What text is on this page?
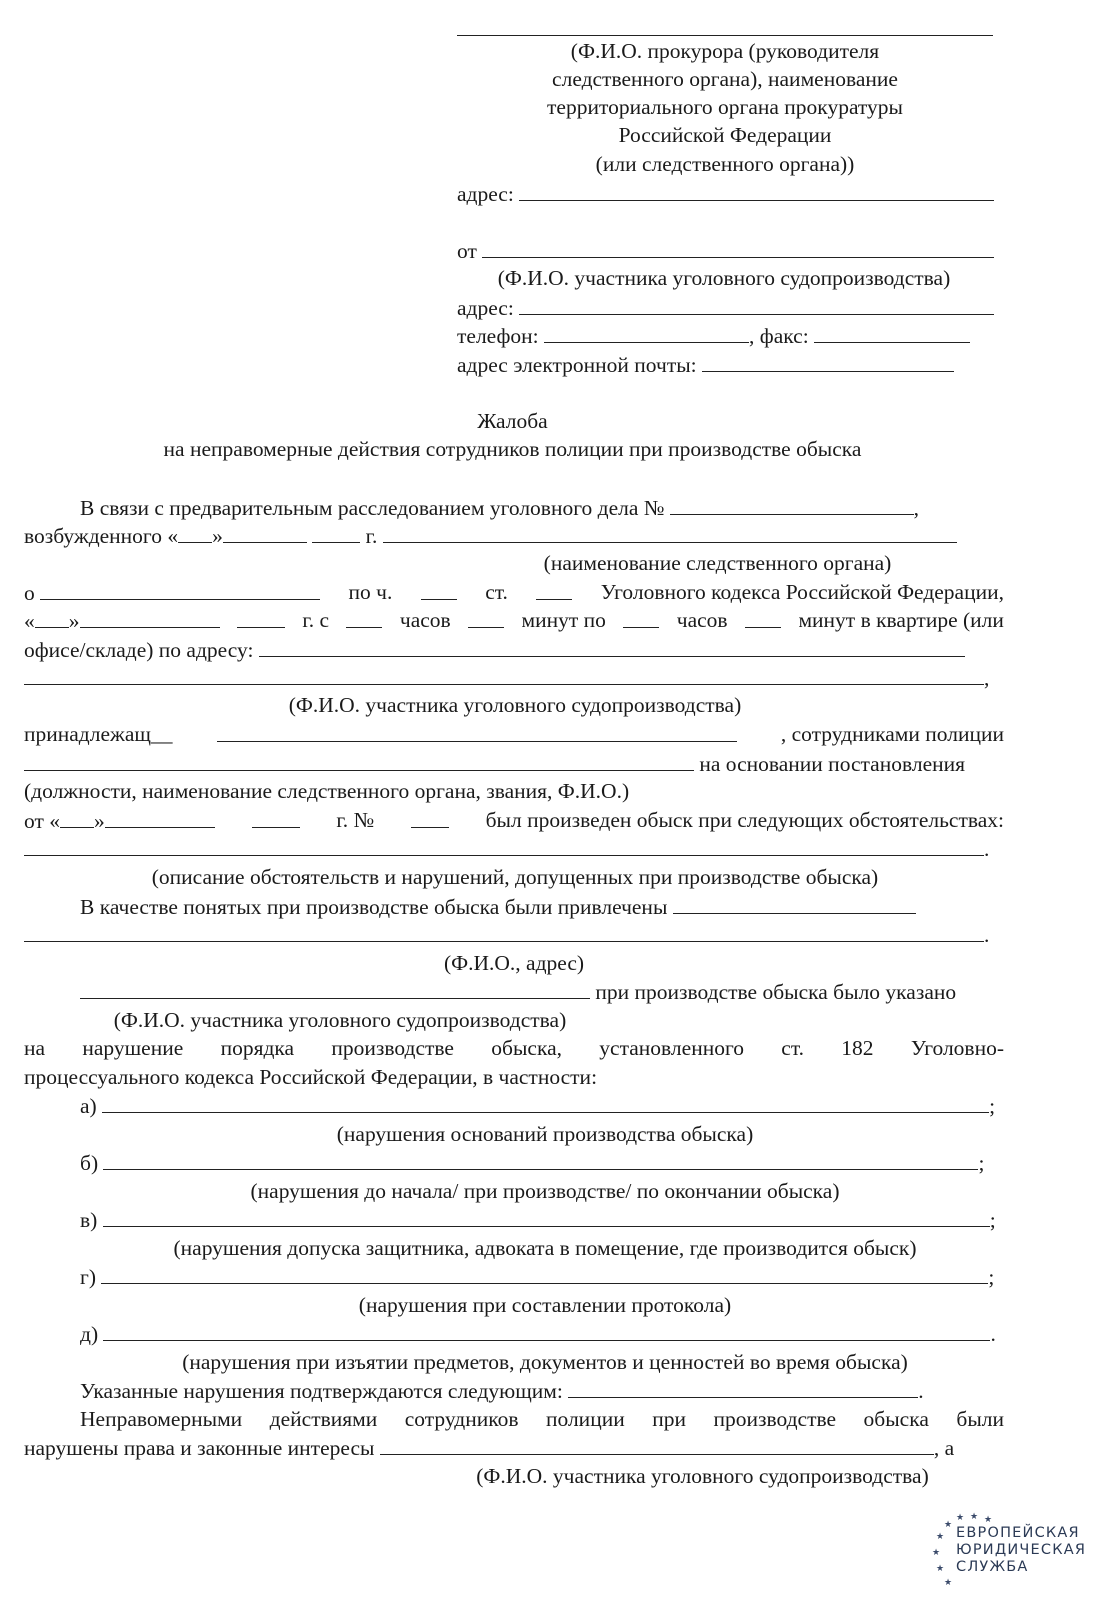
(Ф.И.О. прокурора (руководителя
следственного органа), наименование
территориального органа прокуратуры
Российской Федерации
(или следственного органа))
адрес:
от
(Ф.И.О. участника уголовного судопроизводства)
адрес:
телефон:	, факс:
адрес электронной почты:
Жалоба
на неправомерные действия сотрудников полиции при производстве обыска
В связи с предварительным расследованием уголовного дела №	,
возбужденного « »	г.
(наименование следственного органа)
о	по ч.	ст.	Уголовного кодекса Российской Федерации,
« »	г. с	часов	минут по	часов	минут в квартире (или
офисе/складе) по адресу:
,
(Ф.И.О. участника уголовного судопроизводства)
принадлежащ__	, сотрудниками полиции
на основании постановления
(должности, наименование следственного органа, звания, Ф.И.О.)
от « »	г. №	был произведен обыск при следующих обстоятельствах:
.
(описание обстоятельств и нарушений, допущенных при производстве обыска)
В качестве понятых при производстве обыска были привлечены
.
(Ф.И.О., адрес)
при производстве обыска было указано
(Ф.И.О. участника уголовного судопроизводства)
на нарушение порядка производстве обыска, установленного ст. 182 Уголовно-
процессуального кодекса Российской Федерации, в частности:
а)	;
(нарушения оснований производства обыска)
б)	;
(нарушения до начала/ при производстве/ по окончании обыска)
в)	;
(нарушения допуска защитника, адвоката в помещение, где производится обыск)
г)	;
(нарушения при составлении протокола)
д)	.
(нарушения при изъятии предметов, документов и ценностей во время обыска)
Указанные нарушения подтверждаются следующим:	.
Неправомерными действиями сотрудников полиции при производстве обыска были
нарушены права и законные интересы	, а
(Ф.И.О. участника уголовного судопроизводства)
★
★
★
★ ★ ★
★
★
ЕВРОПЕЙСКАЯ
ЮРИДИЧЕСКАЯ
СЛУЖБА
